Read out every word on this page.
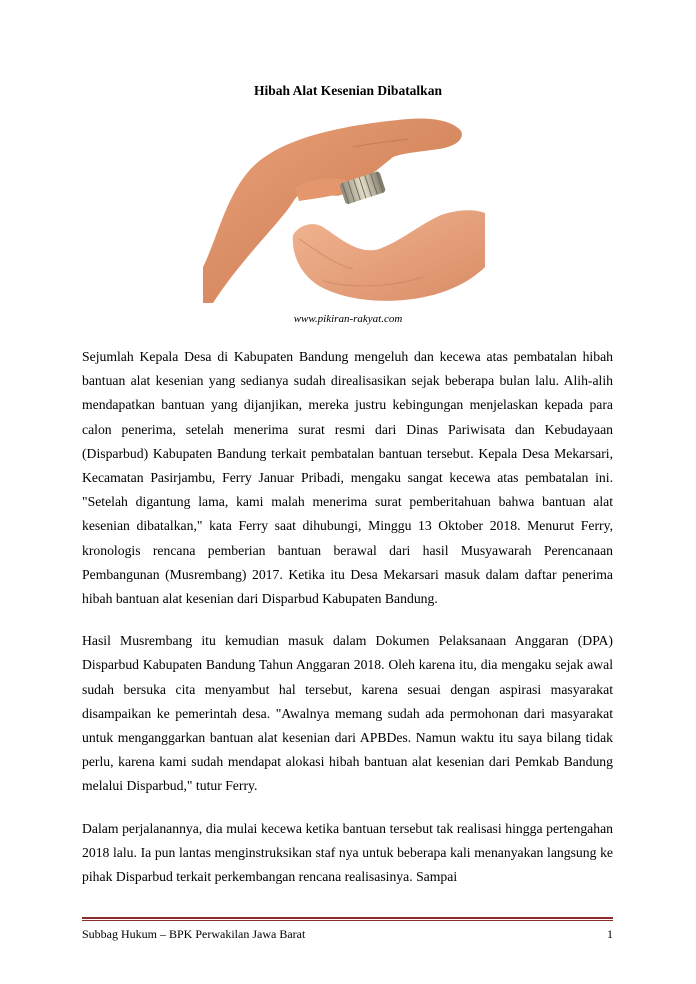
Hibah Alat Kesenian Dibatalkan
www.pikiran-rakyat.com

Sejumlah Kepala Desa di Kabupaten Bandung mengeluh dan kecewa atas pembatalan hibah bantuan alat kesenian yang sedianya sudah direalisasikan sejak beberapa bulan lalu. Alih-alih mendapatkan bantuan yang dijanjikan, mereka justru kebingungan menjelaskan kepada para calon penerima, setelah menerima surat resmi dari Dinas Pariwisata dan Kebudayaan (Disparbud) Kabupaten Bandung terkait pembatalan bantuan tersebut. Kepala Desa Mekarsari, Kecamatan Pasirjambu, Ferry Januar Pribadi, mengaku sangat kecewa atas pembatalan ini. "Setelah digantung lama, kami malah menerima surat pemberitahuan bahwa bantuan alat kesenian dibatalkan," kata Ferry saat dihubungi, Minggu 13 Oktober 2018. Menurut Ferry, kronologis rencana pemberian bantuan berawal dari hasil Musyawarah Perencanaan Pembangunan (Musrembang) 2017. Ketika itu Desa Mekarsari masuk dalam daftar penerima hibah bantuan alat kesenian dari Disparbud Kabupaten Bandung.

Hasil Musrembang itu kemudian masuk dalam Dokumen Pelaksanaan Anggaran (DPA) Disparbud Kabupaten Bandung Tahun Anggaran 2018. Oleh karena itu, dia mengaku sejak awal sudah bersuka cita menyambut hal tersebut, karena sesuai dengan aspirasi masyarakat disampaikan ke pemerintah desa. "Awalnya memang sudah ada permohonan dari masyarakat untuk menganggarkan bantuan alat kesenian dari APBDes. Namun waktu itu saya bilang tidak perlu, karena kami sudah mendapat alokasi hibah bantuan alat kesenian dari Pemkab Bandung melalui Disparbud," tutur Ferry.

Dalam perjalanannya, dia mulai kecewa ketika bantuan tersebut tak realisasi hingga pertengahan 2018 lalu. Ia pun lantas menginstruksikan staf nya untuk beberapa kali menanyakan langsung ke pihak Disparbud terkait perkembangan rencana realisasinya. Sampai

Subbag Hukum – BPK Perwakilan Jawa Barat	1
